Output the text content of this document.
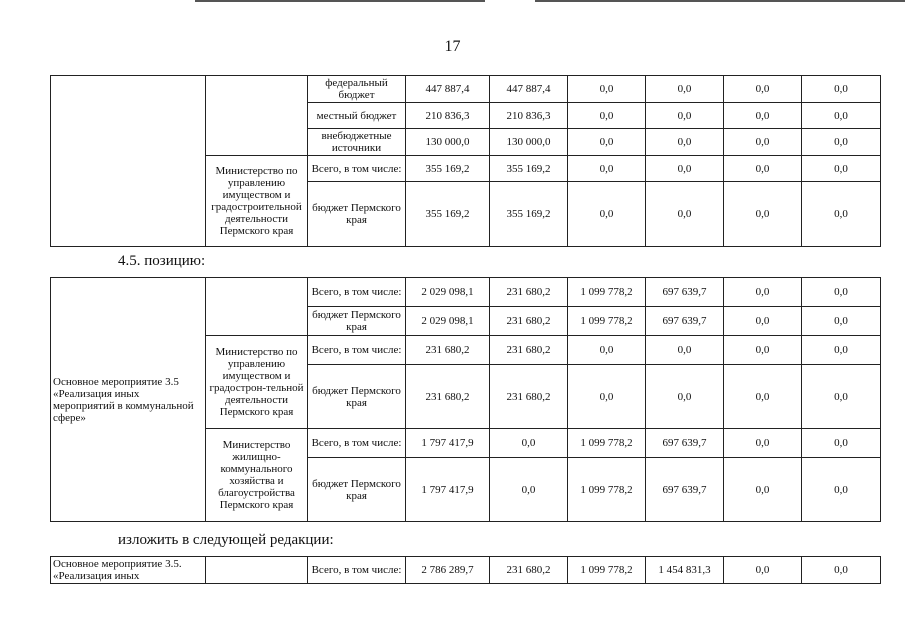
17
		федеральный бюджет	447 887,4	447 887,4	0,0	0,0	0,0	0,0
		местный бюджет	210 836,3	210 836,3	0,0	0,0	0,0	0,0
		внебюджетные источники	130 000,0	130 000,0	0,0	0,0	0,0	0,0
	Министерство по управлению имуществом и градостроительной деятельности Пермского края	Всего, в том числе:	355 169,2	355 169,2	0,0	0,0	0,0	0,0
		бюджет Пермского края	355 169,2	355 169,2	0,0	0,0	0,0	0,0
4.5. позицию:
Основное мероприятие 3.5 «Реализация иных мероприятий в коммунальной сфере»		Всего, в том числе:	2 029 098,1	231 680,2	1 099 778,2	697 639,7	0,0	0,0
		бюджет Пермского края	2 029 098,1	231 680,2	1 099 778,2	697 639,7	0,0	0,0
	Министерство по управлению имуществом и градострон-тельной деятельности Пермского края	Всего, в том числе:	231 680,2	231 680,2	0,0	0,0	0,0	0,0
		бюджет Пермского края	231 680,2	231 680,2	0,0	0,0	0,0	0,0
	Министерство жилищно-коммунального хозяйства и благоустройства Пермского края	Всего, в том числе:	1 797 417,9	0,0	1 099 778,2	697 639,7	0,0	0,0
		бюджет Пермского края	1 797 417,9	0,0	1 099 778,2	697 639,7	0,0	0,0
изложить в следующей редакции:
Основное мероприятие 3.5. «Реализация иных		Всего, в том числе:	2 786 289,7	231 680,2	1 099 778,2	1 454 831,3	0,0	0,0
